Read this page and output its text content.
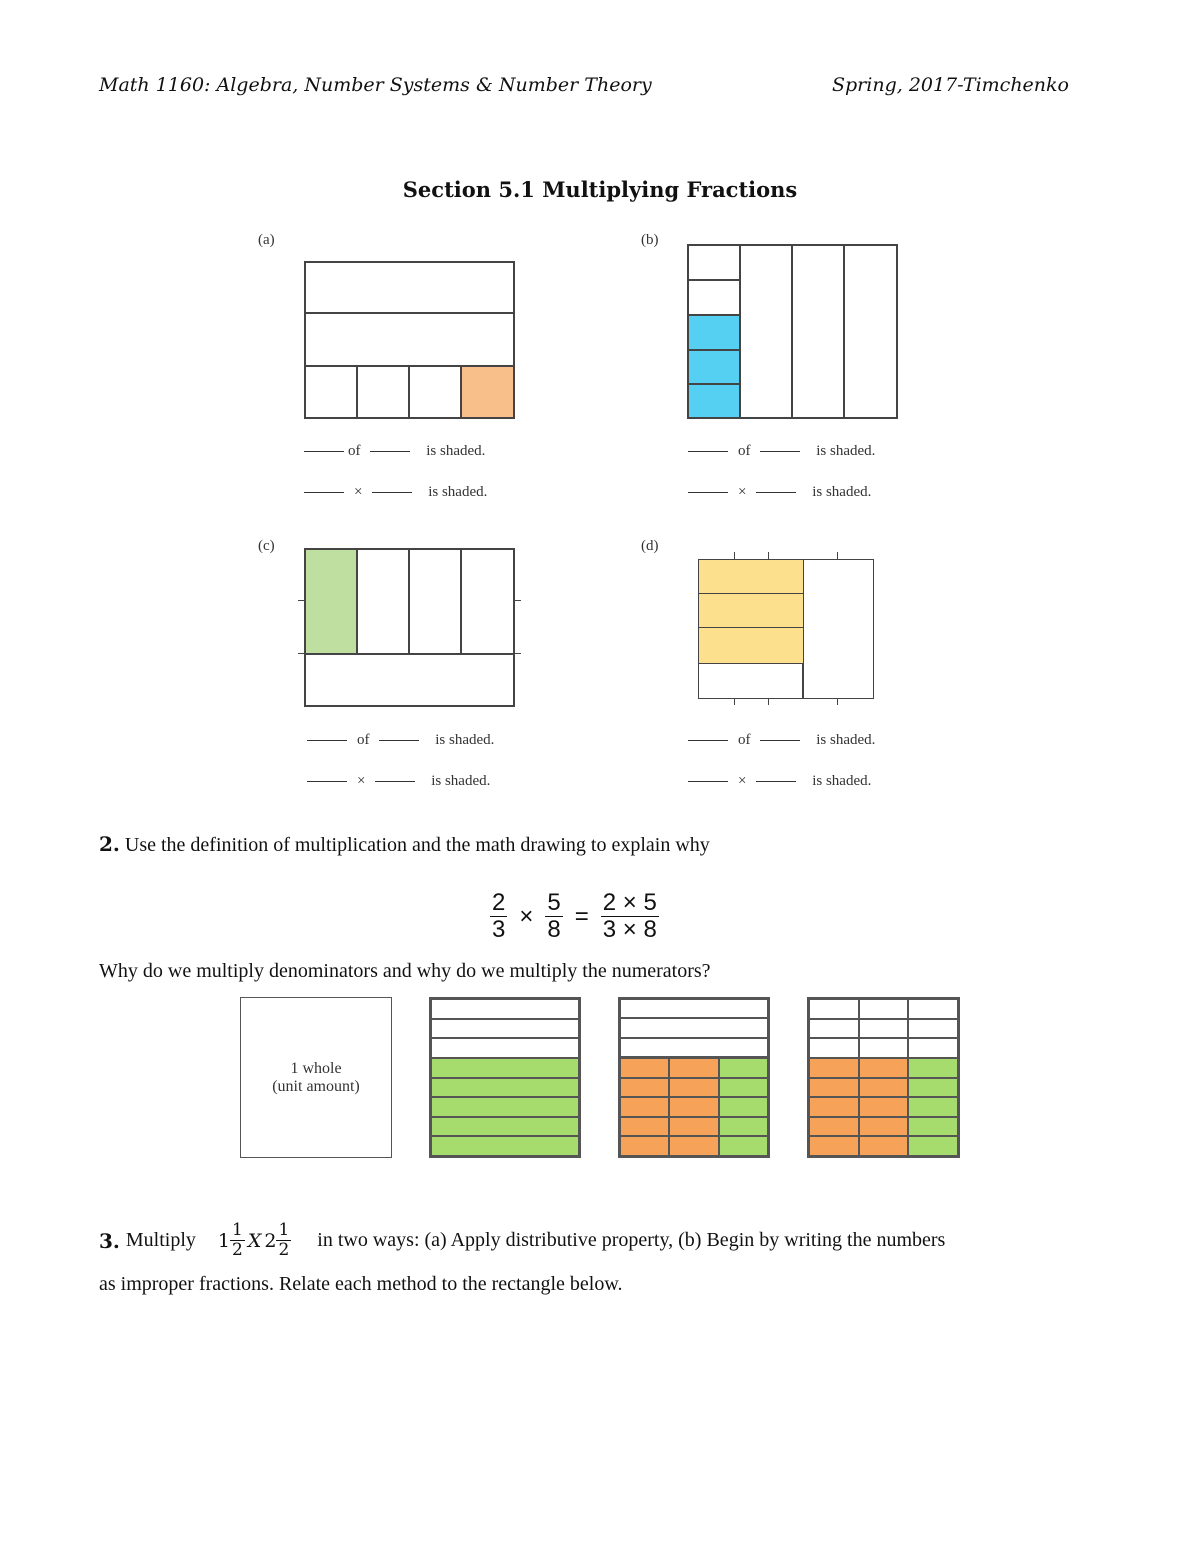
Math 1160: Algebra, Number Systems & Number Theory	Spring, 2017-Timchenko
Section 5.1 Multiplying Fractions
(a)
of	is shaded.
×	is shaded.
(b)
of	is shaded.
×	is shaded.
(c)
of	is shaded.
×	is shaded.
(d)
of	is shaded.
×	is shaded.
2. Use the definition of multiplication and the math drawing to explain why
$\frac{2}{3} \times \frac{5}{8} = \frac{2 \times 5}{3 \times 8}$
Why do we multiply denominators and why do we multiply the numerators?
1 whole
(unit amount)
3. Multiply $1 \frac{1}{2}$ X $2 \frac{1}{2}$ in two ways: (a) Apply distributive property, (b) Begin by writing the numbers
as improper fractions. Relate each method to the rectangle below.
